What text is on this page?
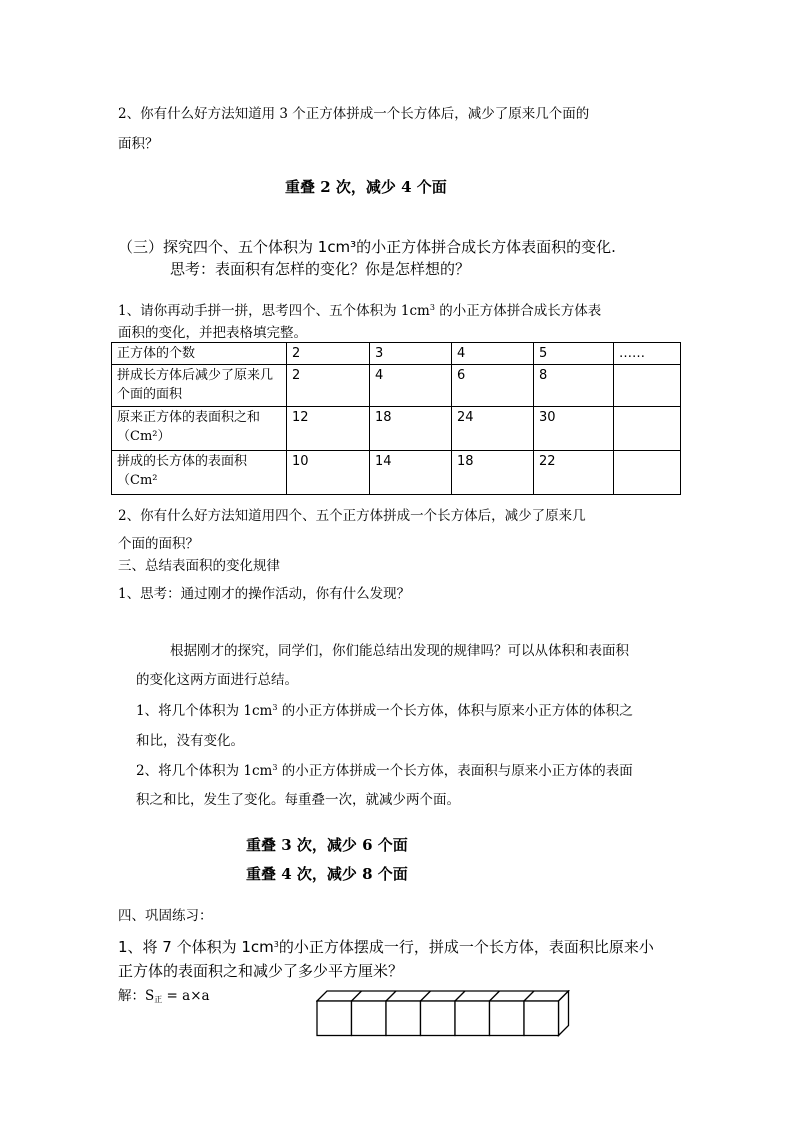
2、你有什么好方法知道用 3 个正方体拼成一个长方体后，减少了原来几个面的
面积？
重叠 2 次，减少 4 个面
（三）探究四个、五个体积为 1cm³的小正方体拼合成长方体表面积的变化.
思考：表面积有怎样的变化？你是怎样想的？
1、请你再动手拼一拼，思考四个、五个体积为 $1cm^3$ 的小正方体拼合成长方体表
面积的变化，并把表格填完整。
正方体的个数	2	3	4	5	……
拼成长方体后减少了原来几个面的面积	2	4	6	8	
原来正方体的表面积之和（Cm²）	12	18	24	30	
拼成的长方体的表面积（Cm²	10	14	18	22	
2、你有什么好方法知道用四个、五个正方体拼成一个长方体后，减少了原来几
个面的面积？
三、总结表面积的变化规律
1、思考：通过刚才的操作活动，你有什么发现？
根据刚才的探究，同学们，你们能总结出发现的规律吗？可以从体积和表面积
的变化这两方面进行总结。
1、将几个体积为 $1cm^3$ 的小正方体拼成一个长方体，体积与原来小正方体的体积之
和比，没有变化。
2、将几个体积为 $1cm^3$ 的小正方体拼成一个长方体，表面积与原来小正方体的表面
积之和比，发生了变化。每重叠一次，就减少两个面。
重叠 3 次，减少 6 个面
重叠 4 次，减少 8 个面
四、巩固练习：
1、将 7 个体积为 $1cm^3$的小正方体摆成一行，拼成一个长方体，表面积比原来小
正方体的表面积之和减少了多少平方厘米？
解：$S_正 = a\times a$
